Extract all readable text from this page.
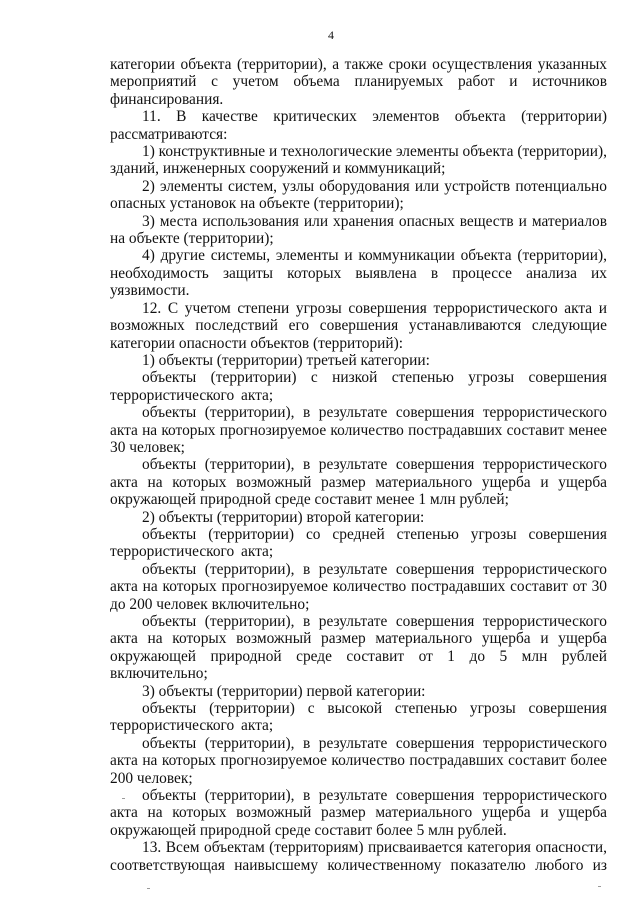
4

категории объекта (территории), а также сроки осуществления указанных мероприятий с учетом объема планируемых работ и источников финансирования.

11. В качестве критических элементов объекта (территории) рассматриваются:

1) конструктивные и технологические элементы объекта (территории), зданий, инженерных сооружений и коммуникаций;

2) элементы систем, узлы оборудования или устройств потенциально опасных установок на объекте (территории);

3) места использования или хранения опасных веществ и материалов на объекте (территории);

4) другие системы, элементы и коммуникации объекта (территории), необходимость защиты которых выявлена в процессе анализа их уязвимости.

12. С учетом степени угрозы совершения террористического акта и возможных последствий его совершения устанавливаются следующие категории опасности объектов (территорий):

1) объекты (территории) третьей категории:

объекты (территории) с низкой степенью угрозы совершения террористического акта;

объекты (территории), в результате совершения террористического акта на которых прогнозируемое количество пострадавших составит менее 30 человек;

объекты (территории), в результате совершения террористического акта на которых возможный размер материального ущерба и ущерба окружающей природной среде составит менее 1 млн рублей;

2) объекты (территории) второй категории:

объекты (территории) со средней степенью угрозы совершения террористического акта;

объекты (территории), в результате совершения террористического акта на которых прогнозируемое количество пострадавших составит от 30 до 200 человек включительно;

объекты (территории), в результате совершения террористического акта на которых возможный размер материального ущерба и ущерба окружающей природной среде составит от 1 до 5 млн рублей включительно;

3) объекты (территории) первой категории:

объекты (территории) с высокой степенью угрозы совершения террористического акта;

объекты (территории), в результате совершения террористического акта на которых прогнозируемое количество пострадавших составит более 200 человек;

объекты (территории), в результате совершения террористического акта на которых возможный размер материального ущерба и ущерба окружающей природной среде составит более 5 млн рублей.

13. Всем объектам (территориям) присваивается категория опасности, соответствующая наивысшему количественному показателю любого из
